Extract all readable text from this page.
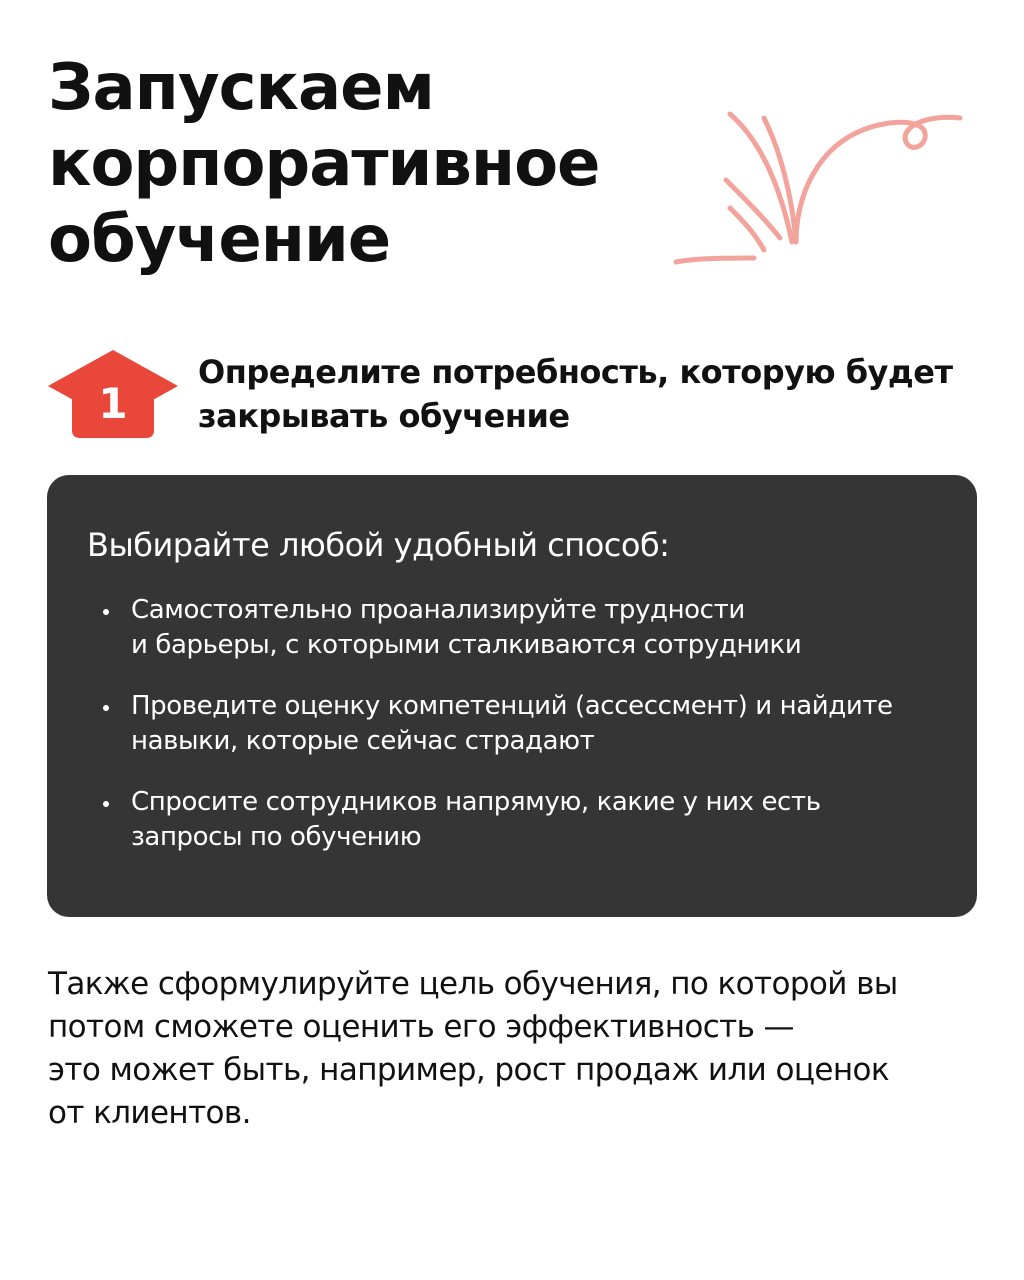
Запускаем
корпоративное
обучение
1
Определите потребность, которую будет
закрывать обучение

Выбирайте любой удобный способ:

Самостоятельно проанализируйте трудности
и барьеры, с которыми сталкиваются сотрудники
Проведите оценку компетенций (ассессмент) и найдите
навыки, которые сейчас страдают
Спросите сотрудников напрямую, какие у них есть
запросы по обучению

Также сформулируйте цель обучения, по которой вы
потом сможете оценить его эффективность —
это может быть, например, рост продаж или оценок
от клиентов.
